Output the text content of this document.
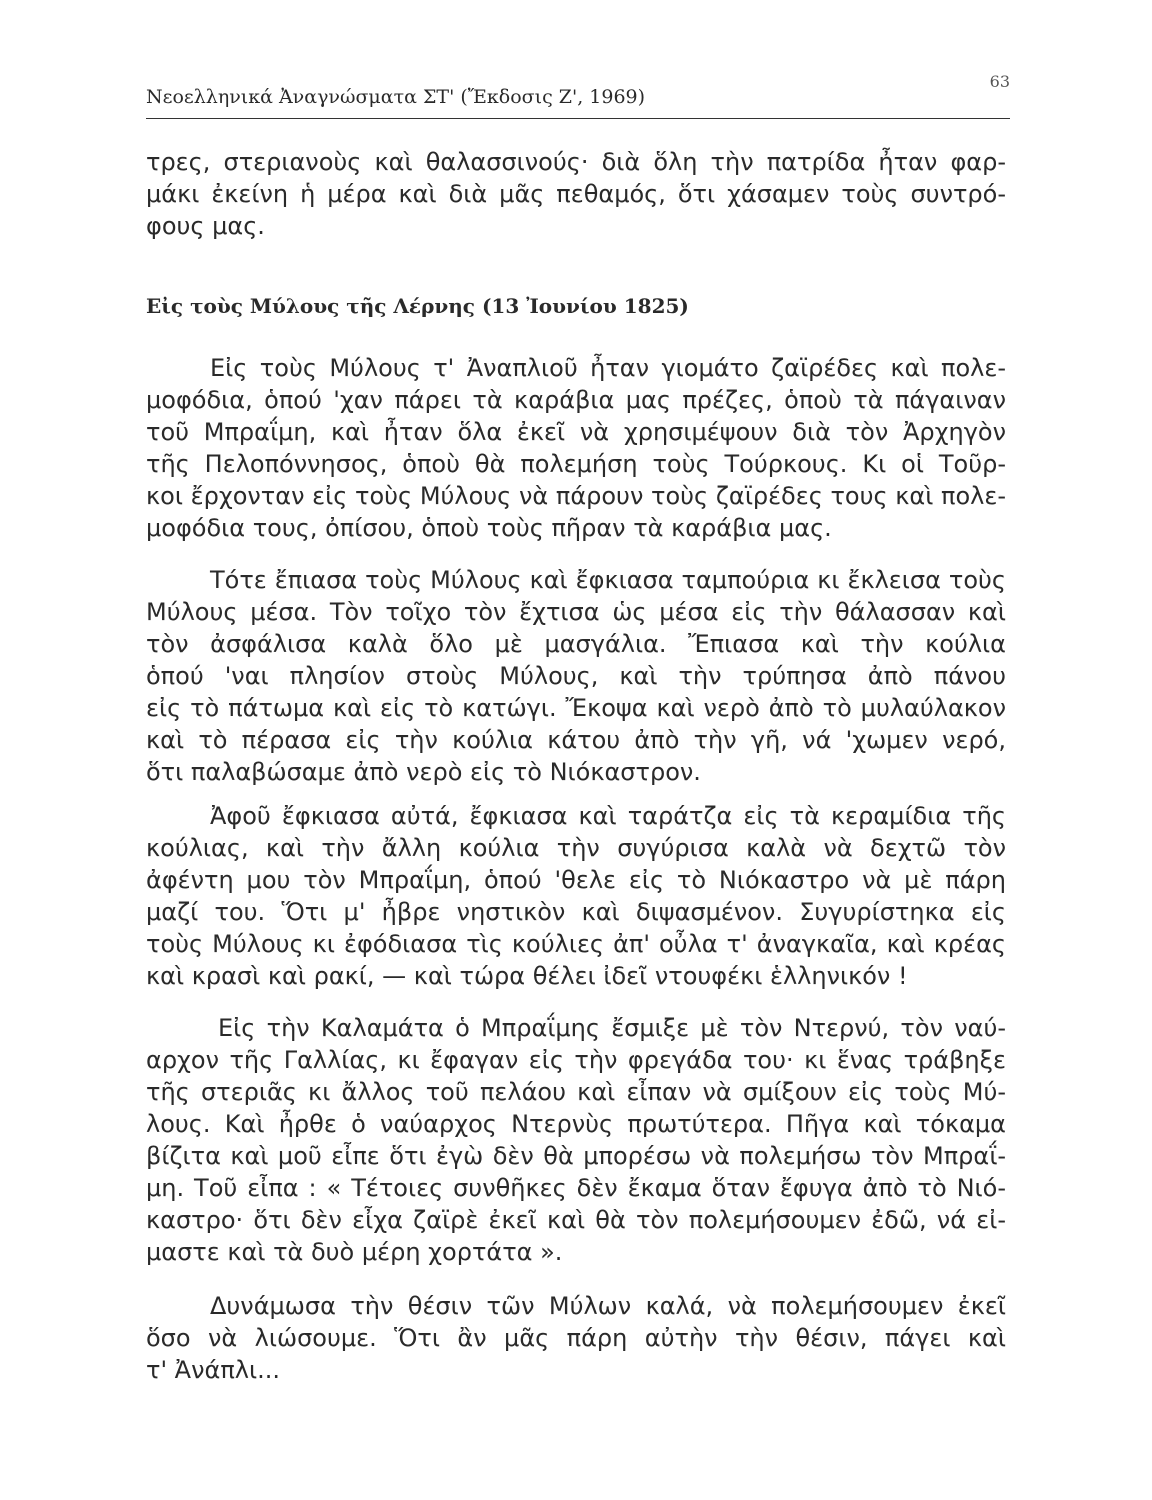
Νεοελληνικά Ἀναγνώσματα ΣΤ' (Ἔκδοσις Ζ', 1969)
63
τρες, στεριανοὺς καὶ θαλασσινούς· διὰ ὅλη τὴν πατρίδα ἦταν φαρ-
μάκι ἐκείνη ἡ μέρα καὶ διὰ μᾶς πεθαμός, ὅτι χάσαμεν τοὺς συντρό-
φους μας.
Εἰς τοὺς Μύλους τῆς Λέρνης (13 Ἰουνίου 1825)
Εἰς τοὺς Μύλους τ' Ἀναπλιοῦ ἦταν γιομάτο ζαϊρέδες καὶ πολε-
μοφόδια, ὁπού 'χαν πάρει τὰ καράβια μας πρέζες, ὁποὺ τὰ πάγαιναν
τοῦ Μπραΐμη, καὶ ἦταν ὅλα ἐκεῖ νὰ χρησιμέψουν διὰ τὸν Ἀρχηγὸν
τῆς Πελοπόννησος, ὁποὺ θὰ πολεμήση τοὺς Τούρκους. Κι οἱ Τοῦρ-
κοι ἔρχονταν εἰς τοὺς Μύλους νὰ πάρουν τοὺς ζαϊρέδες τους καὶ πολε-
μοφόδια τους, ὀπίσου, ὁποὺ τοὺς πῆραν τὰ καράβια μας.
Τότε ἔπιασα τοὺς Μύλους καὶ ἔφκιασα ταμπούρια κι ἔκλεισα τοὺς
Μύλους μέσα. Τὸν τοῖχο τὸν ἔχτισα ὡς μέσα εἰς τὴν θάλασσαν καὶ
τὸν ἀσφάλισα καλὰ ὅλο μὲ μασγάλια. Ἔπιασα καὶ τὴν κούλια
ὁπού 'ναι πλησίον στοὺς Μύλους, καὶ τὴν τρύπησα ἀπὸ πάνου
εἰς τὸ πάτωμα καὶ εἰς τὸ κατώγι. Ἔκοψα καὶ νερὸ ἀπὸ τὸ μυλαύλακον
καὶ τὸ πέρασα εἰς τὴν κούλια κάτου ἀπὸ τὴν γῆ, νά 'χωμεν νερό,
ὅτι παλαβώσαμε ἀπὸ νερὸ εἰς τὸ Νιόκαστρον.
Ἀφοῦ ἔφκιασα αὐτά, ἔφκιασα καὶ ταράτζα εἰς τὰ κεραμίδια τῆς
κούλιας, καὶ τὴν ἄλλη κούλια τὴν συγύρισα καλὰ νὰ δεχτῶ τὸν
ἀφέντη μου τὸν Μπραΐμη, ὁπού 'θελε εἰς τὸ Νιόκαστρο νὰ μὲ πάρη
μαζί του. Ὅτι μ' ἦβρε νηστικὸν καὶ διψασμένον. Συγυρίστηκα εἰς
τοὺς Μύλους κι ἐφόδιασα τὶς κούλιες ἀπ' οὖλα τ' ἀναγκαῖα, καὶ κρέας
καὶ κρασὶ καὶ ρακί, — καὶ τώρα θέλει ἰδεῖ ντουφέκι ἑλληνικόν !
Εἰς τὴν Καλαμάτα ὁ Μπραΐμης ἔσμιξε μὲ τὸν Ντερνύ, τὸν ναύ-
αρχον τῆς Γαλλίας, κι ἔφαγαν εἰς τὴν φρεγάδα του· κι ἕνας τράβηξε
τῆς στεριᾶς κι ἄλλος τοῦ πελάου καὶ εἶπαν νὰ σμίξουν εἰς τοὺς Μύ-
λους. Καὶ ἦρθε ὁ ναύαρχος Ντερνὺς πρωτύτερα. Πῆγα καὶ τόκαμα
βίζιτα καὶ μοῦ εἶπε ὅτι ἐγὼ δὲν θὰ μπορέσω νὰ πολεμήσω τὸν Μπραΐ-
μη. Τοῦ εἶπα : « Τέτοιες συνθῆκες δὲν ἔκαμα ὅταν ἔφυγα ἀπὸ τὸ Νιό-
καστρο· ὅτι δὲν εἶχα ζαϊρὲ ἐκεῖ καὶ θὰ τὸν πολεμήσουμεν ἐδῶ, νά εἰ-
μαστε καὶ τὰ δυὸ μέρη χορτάτα ».
Δυνάμωσα τὴν θέσιν τῶν Μύλων καλά, νὰ πολεμήσουμεν ἐκεῖ
ὅσο νὰ λιώσουμε. Ὅτι ἂν μᾶς πάρη αὐτὴν τὴν θέσιν, πάγει καὶ
τ' Ἀνάπλι...
